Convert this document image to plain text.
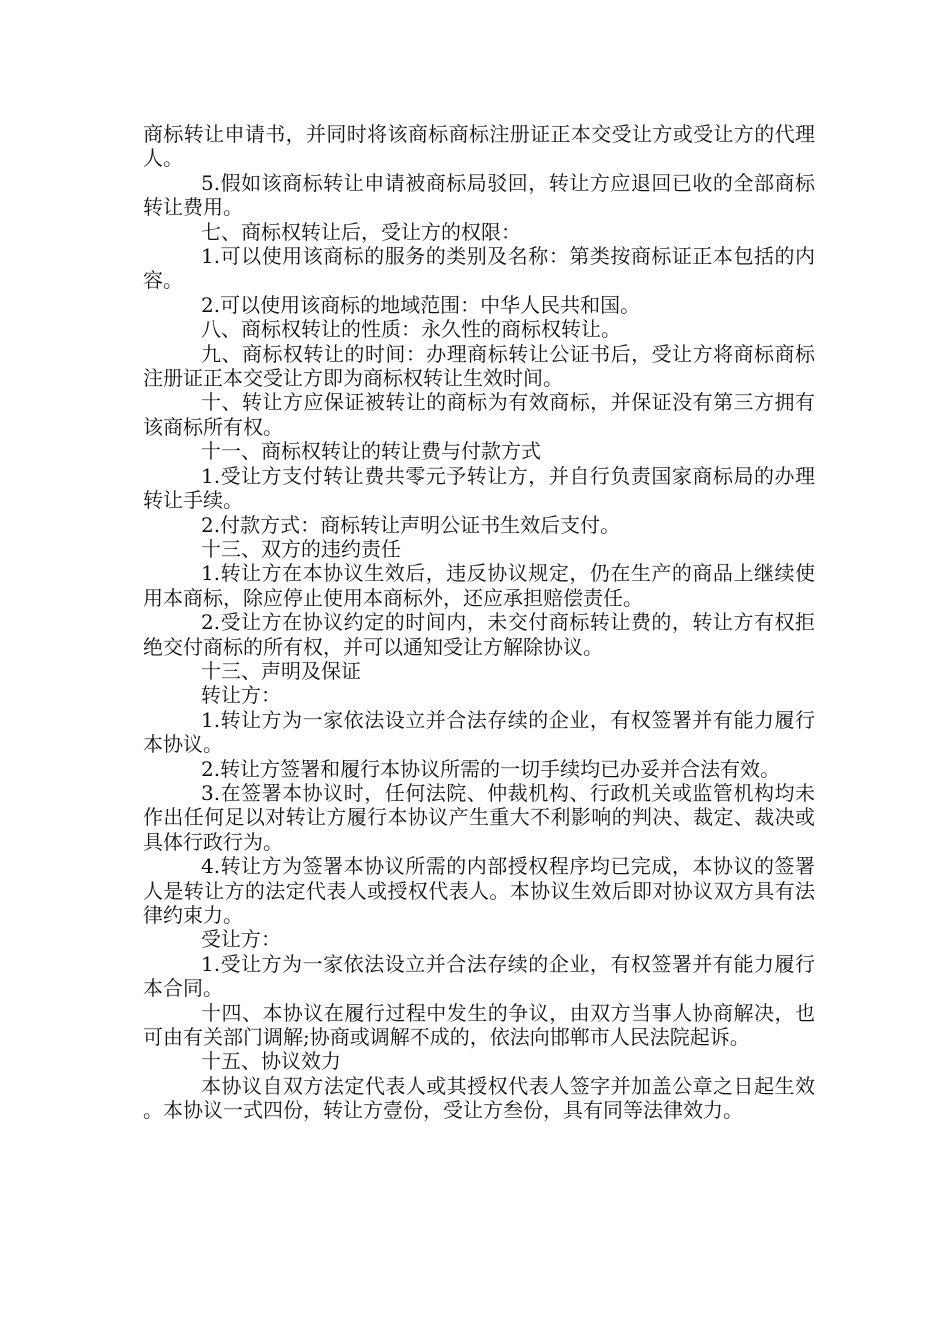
商标转让申请书，并同时将该商标商标注册证正本交受让方或受让方的代理人。

5.假如该商标转让申请被商标局驳回，转让方应退回已收的全部商标转让费用。

七、商标权转让后，受让方的权限：

1.可以使用该商标的服务的类别及名称：第类按商标证正本包括的内容。

2.可以使用该商标的地域范围：中华人民共和国。

八、商标权转让的性质：永久性的商标权转让。

九、商标权转让的时间：办理商标转让公证书后，受让方将商标商标注册证正本交受让方即为商标权转让生效时间。

十、转让方应保证被转让的商标为有效商标，并保证没有第三方拥有该商标所有权。

十一、商标权转让的转让费与付款方式

1.受让方支付转让费共零元予转让方，并自行负责国家商标局的办理转让手续。

2.付款方式：商标转让声明公证书生效后支付。

十三、双方的违约责任

1.转让方在本协议生效后，违反协议规定，仍在生产的商品上继续使用本商标，除应停止使用本商标外，还应承担赔偿责任。

2.受让方在协议约定的时间内，未交付商标转让费的，转让方有权拒绝交付商标的所有权，并可以通知受让方解除协议。

十三、声明及保证

转让方：

1.转让方为一家依法设立并合法存续的企业，有权签署并有能力履行本协议。

2.转让方签署和履行本协议所需的一切手续均已办妥并合法有效。

3.在签署本协议时，任何法院、仲裁机构、行政机关或监管机构均未作出任何足以对转让方履行本协议产生重大不利影响的判决、裁定、裁决或具体行政行为。

4.转让方为签署本协议所需的内部授权程序均已完成，本协议的签署人是转让方的法定代表人或授权代表人。本协议生效后即对协议双方具有法律约束力。

受让方：

1.受让方为一家依法设立并合法存续的企业，有权签署并有能力履行本合同。

十四、本协议在履行过程中发生的争议，由双方当事人协商解决，也可由有关部门调解;协商或调解不成的，依法向邯郸市人民法院起诉。

十五、协议效力

本协议自双方法定代表人或其授权代表人签字并加盖公章之日起生效。本协议一式四份，转让方壹份，受让方叁份，具有同等法律效力。
